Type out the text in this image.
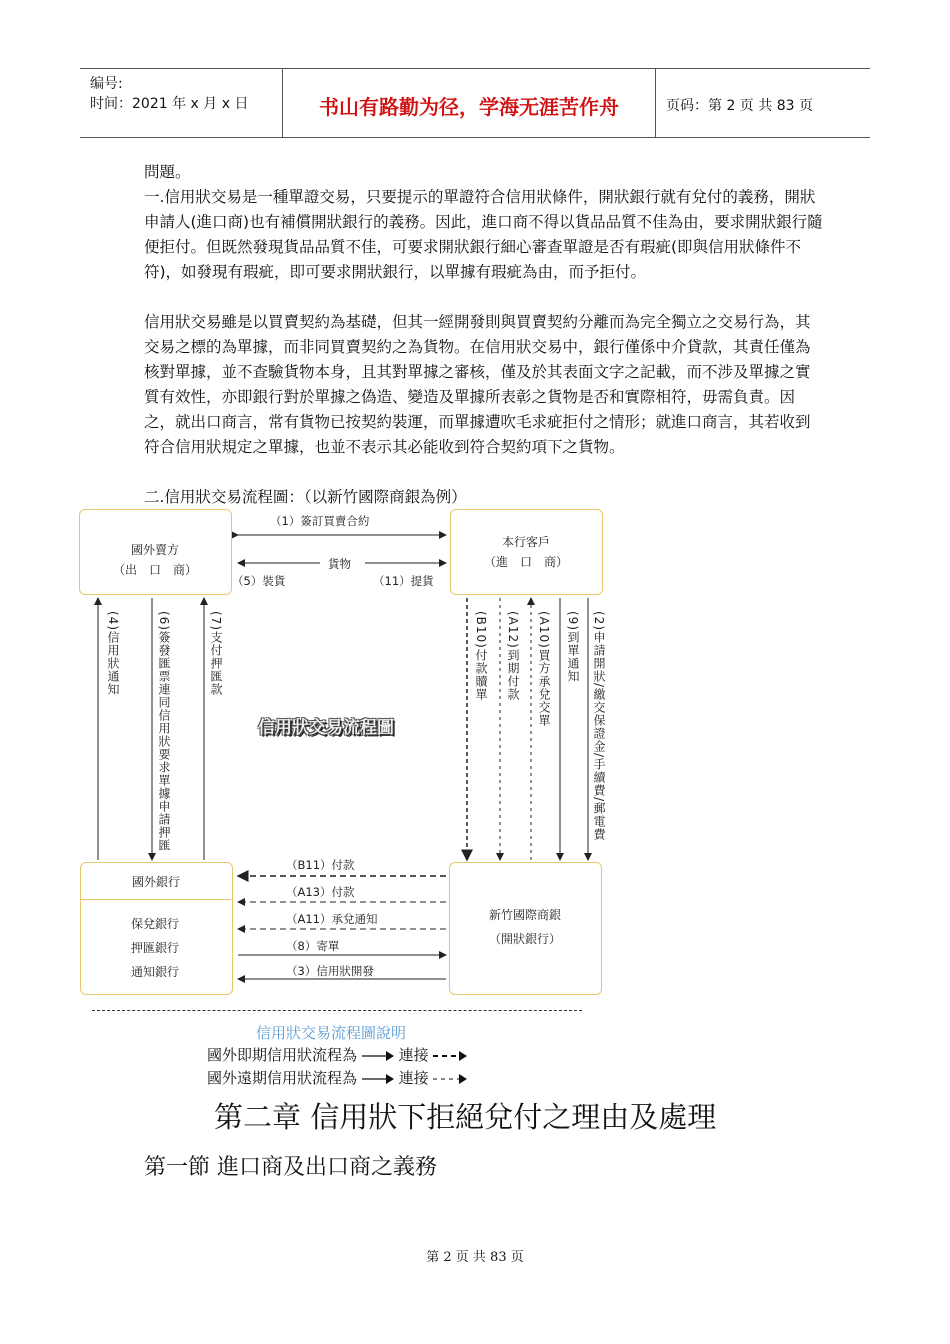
编号:
时间：2021 年 x 月 x 日	书山有路勤为径，学海无涯苦作舟	页码：第 2 页 共 83 页

問題。

一.信用狀交易是一種單證交易，只要提示的單證符合信用狀條件，開狀銀行就有兌付的義務，開狀申請人(進口商)也有補償開狀銀行的義務。因此，進口商不得以貨品品質不佳為由，要求開狀銀行隨便拒付。但既然發現貨品品質不佳，可要求開狀銀行細心審查單證是否有瑕疵(即與信用狀條件不符)，如發現有瑕疵，即可要求開狀銀行，以單據有瑕疵為由，而予拒付。

信用狀交易雖是以買賣契約為基礎，但其一經開發則與買賣契約分離而為完全獨立之交易行為，其交易之標的為單據，而非同買賣契約之為貨物。在信用狀交易中，銀行僅係中介貸款，其責任僅為核對單據，並不查驗貨物本身，且其對單據之審核，僅及於其表面文字之記載，而不涉及單據之實質有效性，亦即銀行對於單據之偽造、變造及單據所表彰之貨物是否和實際相符，毋需負責。因之，就出口商言，常有貨物已按契約裝運，而單據遭吹毛求疵拒付之情形；就進口商言，其若收到符合信用狀規定之單據，也並不表示其必能收到符合契約項下之貨物。

二.信用狀交易流程圖：（以新竹國際商銀為例）

國外賣方
（出　口　商）
本行客戶
（進　口　商）
國外銀行
保兌銀行
押匯銀行
通知銀行
新竹國際商銀
（開狀銀行）
（1）簽訂買賣合約
貨物
（5）裝貨	（11）提貨
(4)信用狀通知	(6)簽發匯票連同信用狀要求單據申請押匯	(7)支付押匯款	(B10)付款贖單 (A12)到期付款 (A10)買方承兌交單 (9)到單通知 (2)申請開狀/繳交保證金/手續費/郵電費
信用狀交易流程圖
（B11）付款
（A13）付款
（A11）承兌通知
（8）寄單
（3）信用狀開發
信用狀交易流程圖說明
國外即期信用狀流程為	連接
國外遠期信用狀流程為	連接
第二章 信用狀下拒絕兌付之理由及處理
第一節 進口商及出口商之義務
第 2 页 共 83 页
